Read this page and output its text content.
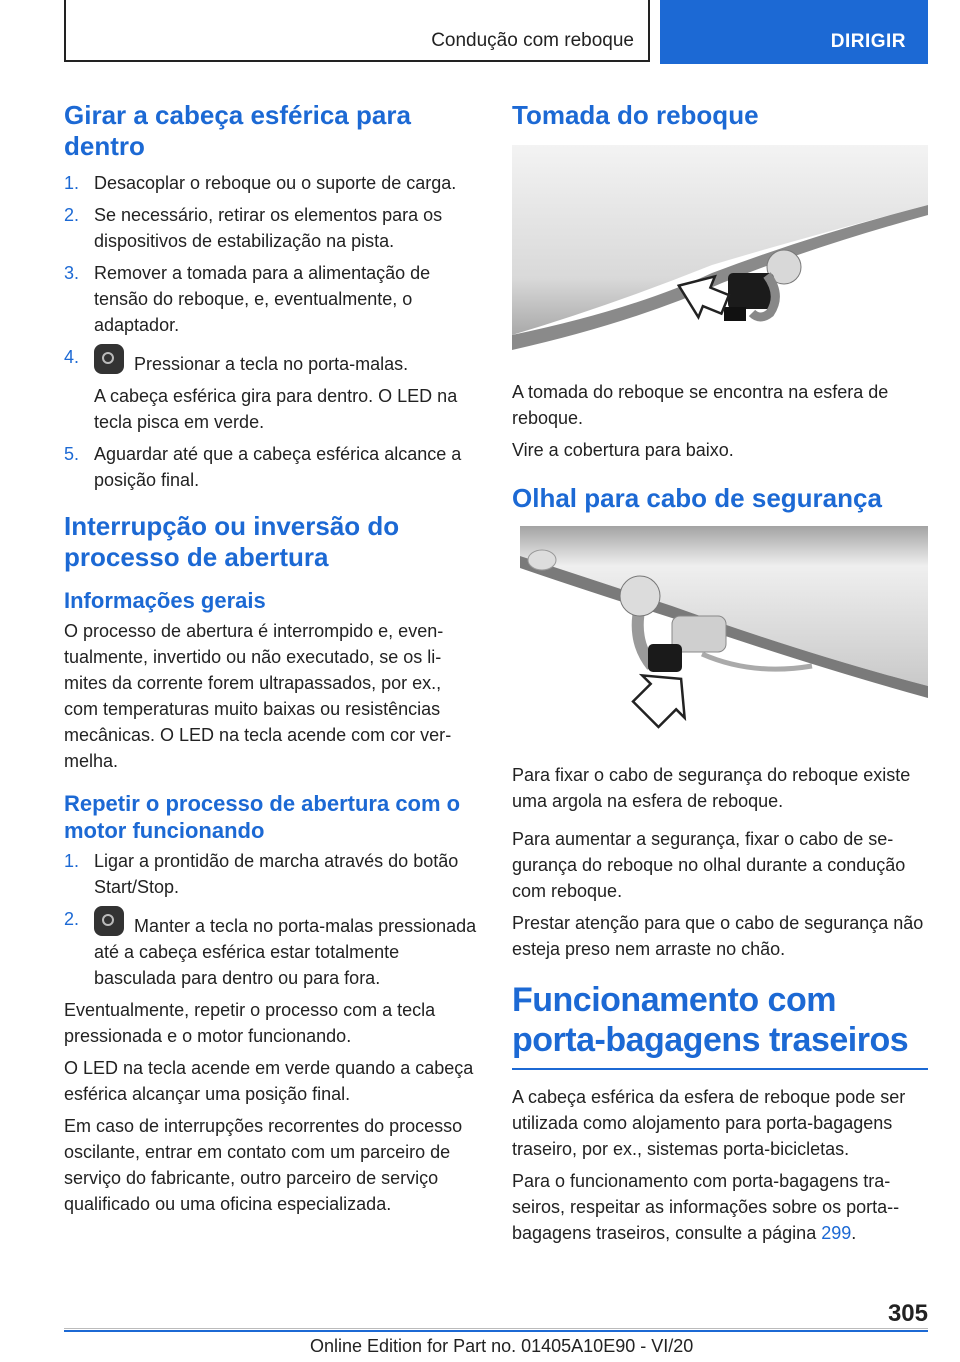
Condução com reboque	DIRIGIR
Girar a cabeça esférica para dentro
1. Desacoplar o reboque ou o suporte de carga.
2. Se necessário, retirar os elementos para os dispositivos de estabilização na pista.
3. Remover a tomada para a alimentação de tensão do reboque, e, eventualmente, o adaptador.
4.	Pressionar a tecla no porta-malas.
A cabeça esférica gira para dentro. O LED na tecla pisca em verde.
5. Aguardar até que a cabeça esférica alcance a posição final.
Interrupção ou inversão do processo de abertura
Informações gerais

O processo de abertura é interrompido e, eventualmente, invertido ou não executado, se os limites da corrente forem ultrapassados, por ex., com temperaturas muito baixas ou resistências mecânicas. O LED na tecla acende com cor vermelha.

Repetir o processo de abertura com o motor funcionando
1. Ligar a prontidão de marcha através do botão Start/Stop.
2.	Manter a tecla no porta-malas pressionada até a cabeça esférica estar totalmente basculada para dentro ou para fora.

Eventualmente, repetir o processo com a tecla pressionada e o motor funcionando.

O LED na tecla acende em verde quando a cabeça esférica alcançar uma posição final.

Em caso de interrupções recorrentes do processo oscilante, entrar em contato com um parceiro de serviço do fabricante, outro parceiro de serviço qualificado ou uma oficina especializada.

Tomada do reboque

A tomada do reboque se encontra na esfera de reboque.

Vire a cobertura para baixo.

Olhal para cabo de segurança

Para fixar o cabo de segurança do reboque existe uma argola na esfera de reboque.

Para aumentar a segurança, fixar o cabo de segurança do reboque no olhal durante a condução com reboque.

Prestar atenção para que o cabo de segurança não esteja preso nem arraste no chão.

Funcionamento com porta-bagagens traseiros

A cabeça esférica da esfera de reboque pode ser utilizada como alojamento para porta-bagagens traseiro, por ex., sistemas porta-bicicletas.

Para o funcionamento com porta-bagagens traseiros, respeitar as informações sobre os porta-bagagens traseiros, consulte a página 299.

305
Online Edition for Part no. 01405A10E90 - VI/20
